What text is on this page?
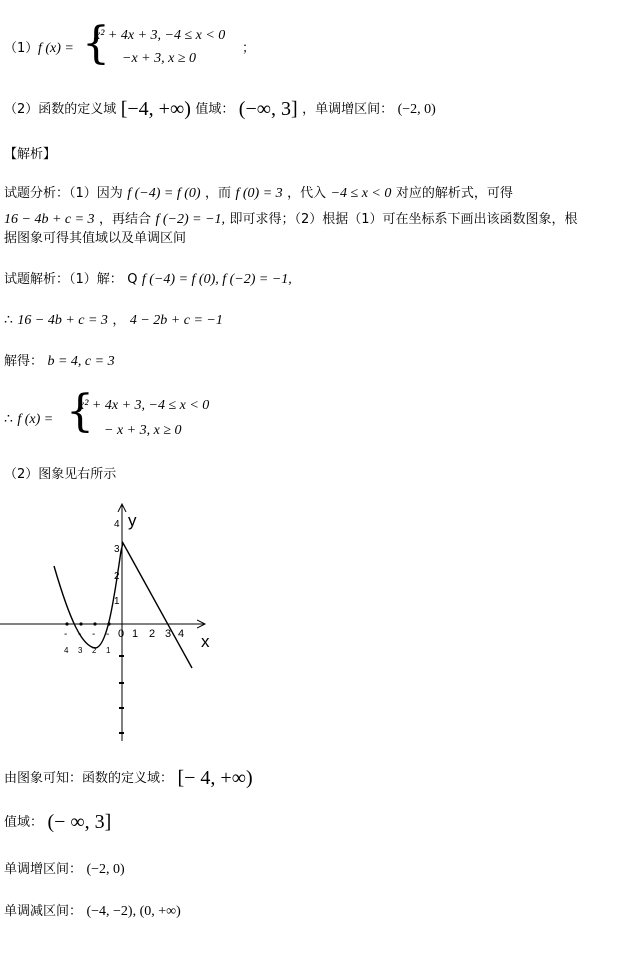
（1） f (x) = {
x² + 4x + 3, −4 ≤ x < 0
−x + 3, x ≥ 0
；
（2）函数的定义域 [−4, +∞) 值域： (−∞, 3] ，单调增区间： (−2, 0)
【解析】
试题分析：（1）因为 f (−4) = f (0) ，而 f (0) = 3 ，代入 −4 ≤ x < 0 对应的解析式，可得
16 − 4b + c = 3 ，再结合 f (−2) = −1, 即可求得；（2）根据（1）可在坐标系下画出该函数图象，根
据图象可得其值域以及单调区间
试题解析：（1）解： Q f (−4) = f (0), f (−2) = −1,
∴ 16 − 4b + c = 3 ， 4 − 2b + c = −1
解得： b = 4, c = 3
∴ f (x) = {
x² + 4x + 3, −4 ≤ x < 0
− x + 3, x ≥ 0
（2）图象见右所示
y
x
0
4
3
2
1
1 2 3 4
- - - -
4 3 2 1
由图象可知：函数的定义域： [− 4, +∞)
值域： (− ∞, 3]
单调增区间： (−2, 0)
单调减区间： (−4, −2), (0, +∞)
